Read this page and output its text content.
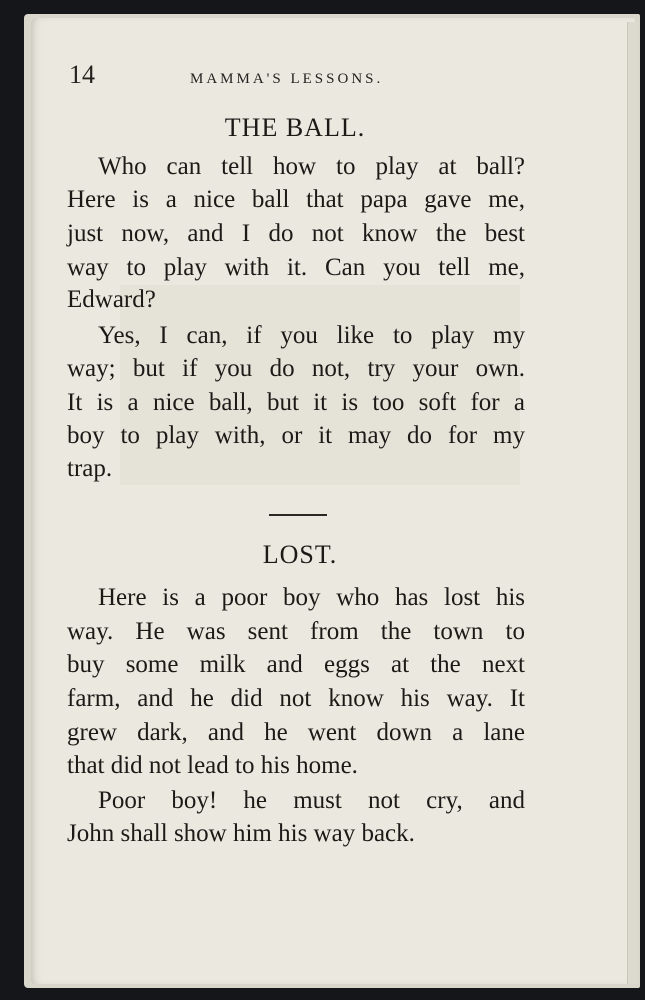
14	MAMMA'S LESSONS.
THE BALL.
Who can tell how to play at ball?
Here is a nice ball that papa gave me,
just now, and I do not know the best
way to play with it. Can you tell me,
Edward?
Yes, I can, if you like to play my
way; but if you do not, try your own.
It is a nice ball, but it is too soft for a
boy to play with, or it may do for my
trap.
LOST.
Here is a poor boy who has lost his
way. He was sent from the town to
buy some milk and eggs at the next
farm, and he did not know his way. It
grew dark, and he went down a lane
that did not lead to his home.
Poor boy! he must not cry, and
John shall show him his way back.
